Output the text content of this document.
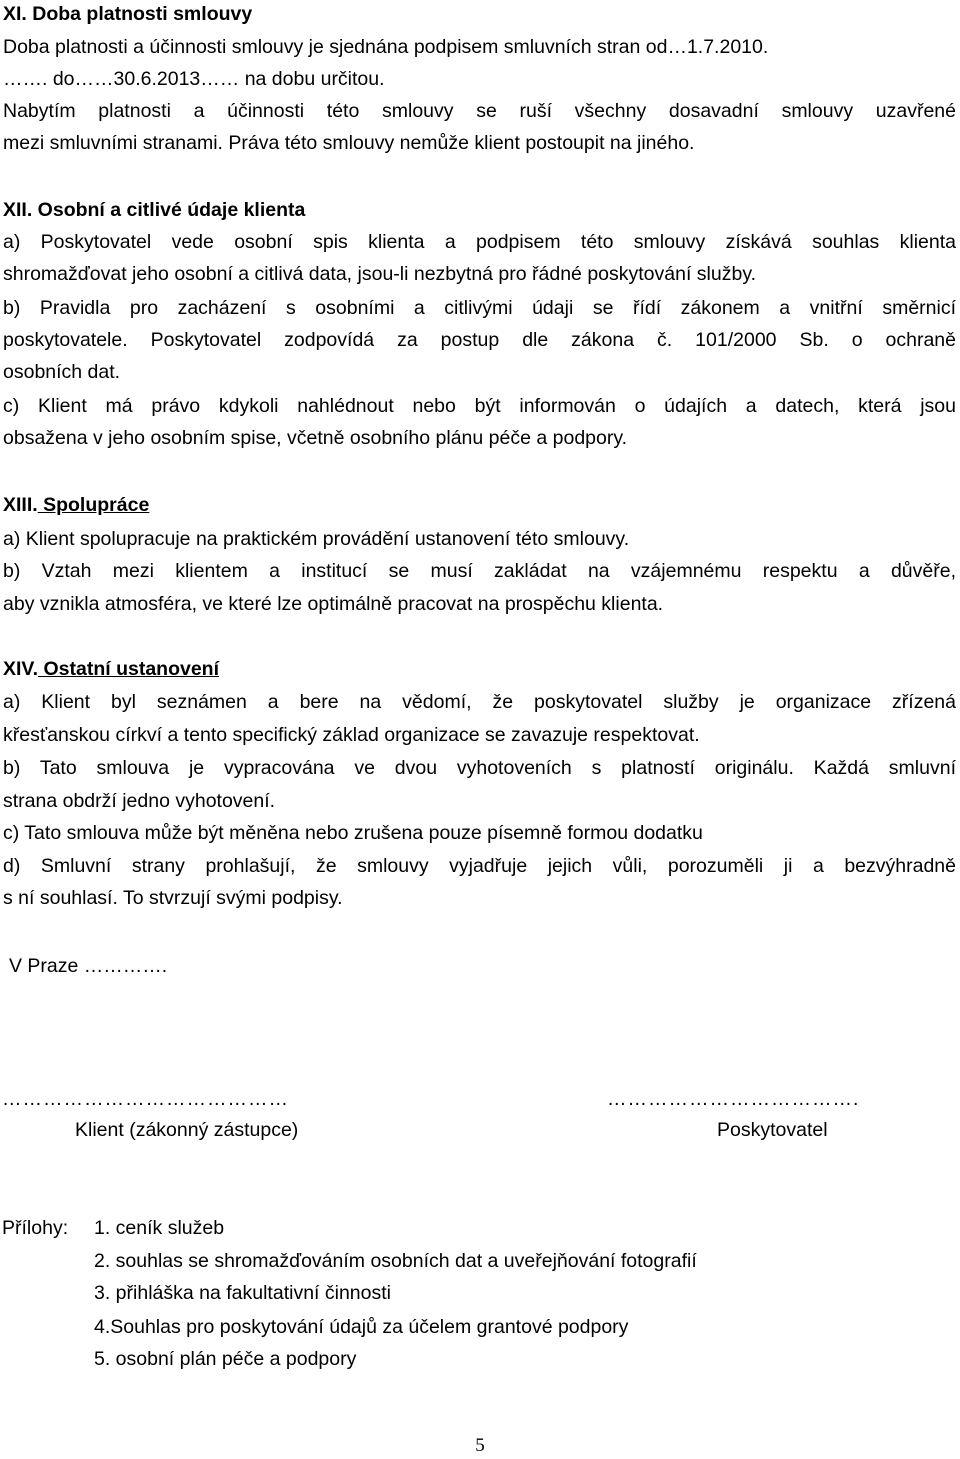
XI. Doba platnosti smlouvy
Doba platnosti a účinnosti smlouvy je sjednána podpisem smluvních stran od…1.7.2010.
……. do……30.6.2013…… na dobu určitou.
Nabytím platnosti a účinnosti této smlouvy se ruší všechny dosavadní smlouvy uzavřené
mezi smluvními stranami. Práva této smlouvy nemůže klient postoupit na jiného.
XII. Osobní a citlivé údaje klienta
a) Poskytovatel vede osobní spis klienta a podpisem této smlouvy získává souhlas klienta
shromažďovat jeho osobní a citlivá data, jsou-li nezbytná pro řádné poskytování služby.
b) Pravidla pro zacházení s osobními a citlivými údaji se řídí zákonem a vnitřní směrnicí
poskytovatele. Poskytovatel zodpovídá za postup dle zákona č. 101/2000 Sb. o ochraně
osobních dat.
c) Klient má právo kdykoli nahlédnout nebo být informován o údajích a datech, která jsou
obsažena v jeho osobním spise, včetně osobního plánu péče a podpory.
XIII. Spolupráce
a) Klient spolupracuje na praktickém provádění ustanovení této smlouvy.
b) Vztah mezi klientem a institucí se musí zakládat na vzájemnému respektu a důvěře,
aby vznikla atmosféra, ve které lze optimálně pracovat na prospěchu klienta.
XIV. Ostatní ustanovení
a) Klient byl seznámen a bere na vědomí, že poskytovatel služby je organizace zřízená
křesťanskou církví a tento specifický základ organizace se zavazuje respektovat.
b) Tato smlouva je vypracována ve dvou vyhotoveních s platností originálu. Každá smluvní
strana obdrží jedno vyhotovení.
c) Tato smlouva může být měněna nebo zrušena pouze písemně formou dodatku
d) Smluvní strany prohlašují, že smlouvy vyjadřuje jejich vůli, porozuměli ji a bezvýhradně
s ní souhlasí. To stvrzují svými podpisy.
V Praze ………….
……………………………………
Klient (zákonný zástupce)
……………………………….
Poskytovatel
Přílohy: 1. ceník služeb
2. souhlas se shromažďováním osobních dat a uveřejňování fotografií
3. přihláška na fakultativní činnosti
4.Souhlas pro poskytování údajů za účelem grantové podpory
5. osobní plán péče a podpory
5
